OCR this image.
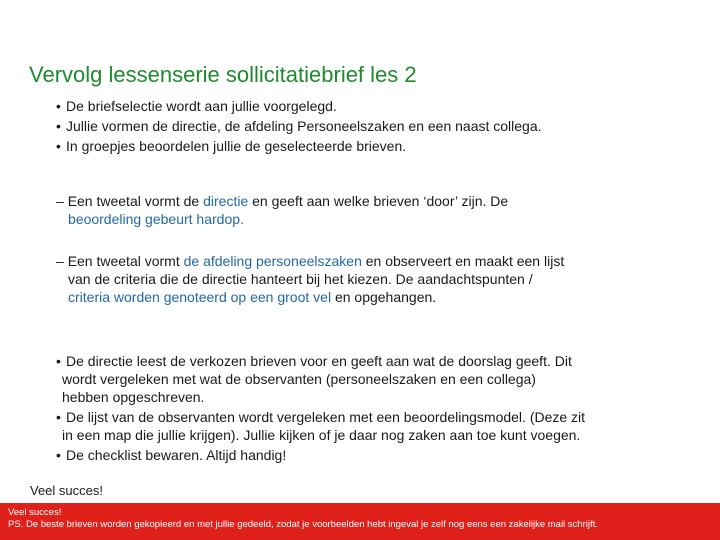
Vervolg lessenserie sollicitatiebrief les 2
• De briefselectie wordt aan jullie voorgelegd.
• Jullie vormen de directie, de afdeling Personeelszaken en een naast collega.
• In groepjes beoordelen jullie de geselecteerde brieven.
– Een tweetal vormt de directie en geeft aan welke brieven ‘door’ zijn. De
beoordeling gebeurt hardop.
– Een tweetal vormt de afdeling personeelszaken en observeert en maakt een lijst
van de criteria die de directie hanteert bij het kiezen. De aandachtspunten /
criteria worden genoteerd op een groot vel en opgehangen.
• De directie leest de verkozen brieven voor en geeft aan wat de doorslag geeft. Dit
wordt vergeleken met wat de observanten (personeelszaken en een collega)
hebben opgeschreven.
• De lijst van de observanten wordt vergeleken met een beoordelingsmodel. (Deze zit
in een map die jullie krijgen). Jullie kijken of je daar nog zaken aan toe kunt voegen.
• De checklist bewaren. Altijd handig!
Veel succes!
Veel succes!
PS. De beste brieven worden gekopieerd en met jullie gedeeld, zodat je voorbeelden hebt ingeval je zelf nog eens een zakelijke mail schrijft.
